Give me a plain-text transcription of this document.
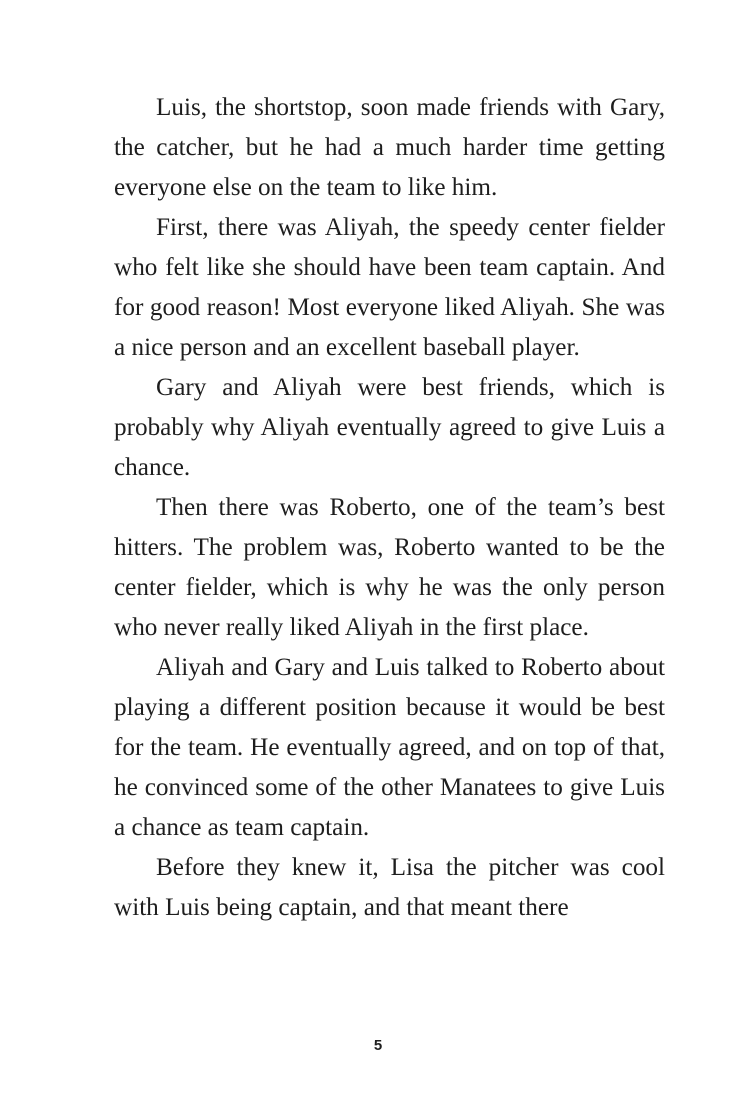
Luis, the shortstop, soon made friends with Gary, the catcher, but he had a much harder time getting everyone else on the team to like him.

First, there was Aliyah, the speedy center fielder who felt like she should have been team captain. And for good reason! Most everyone liked Aliyah. She was a nice person and an excellent baseball player.

Gary and Aliyah were best friends, which is probably why Aliyah eventually agreed to give Luis a chance.

Then there was Roberto, one of the team’s best hitters. The problem was, Roberto wanted to be the center fielder, which is why he was the only person who never really liked Aliyah in the first place.

Aliyah and Gary and Luis talked to Roberto about playing a different position because it would be best for the team. He eventually agreed, and on top of that, he convinced some of the other Manatees to give Luis a chance as team captain.

Before they knew it, Lisa the pitcher was cool with Luis being captain, and that meant there

5
